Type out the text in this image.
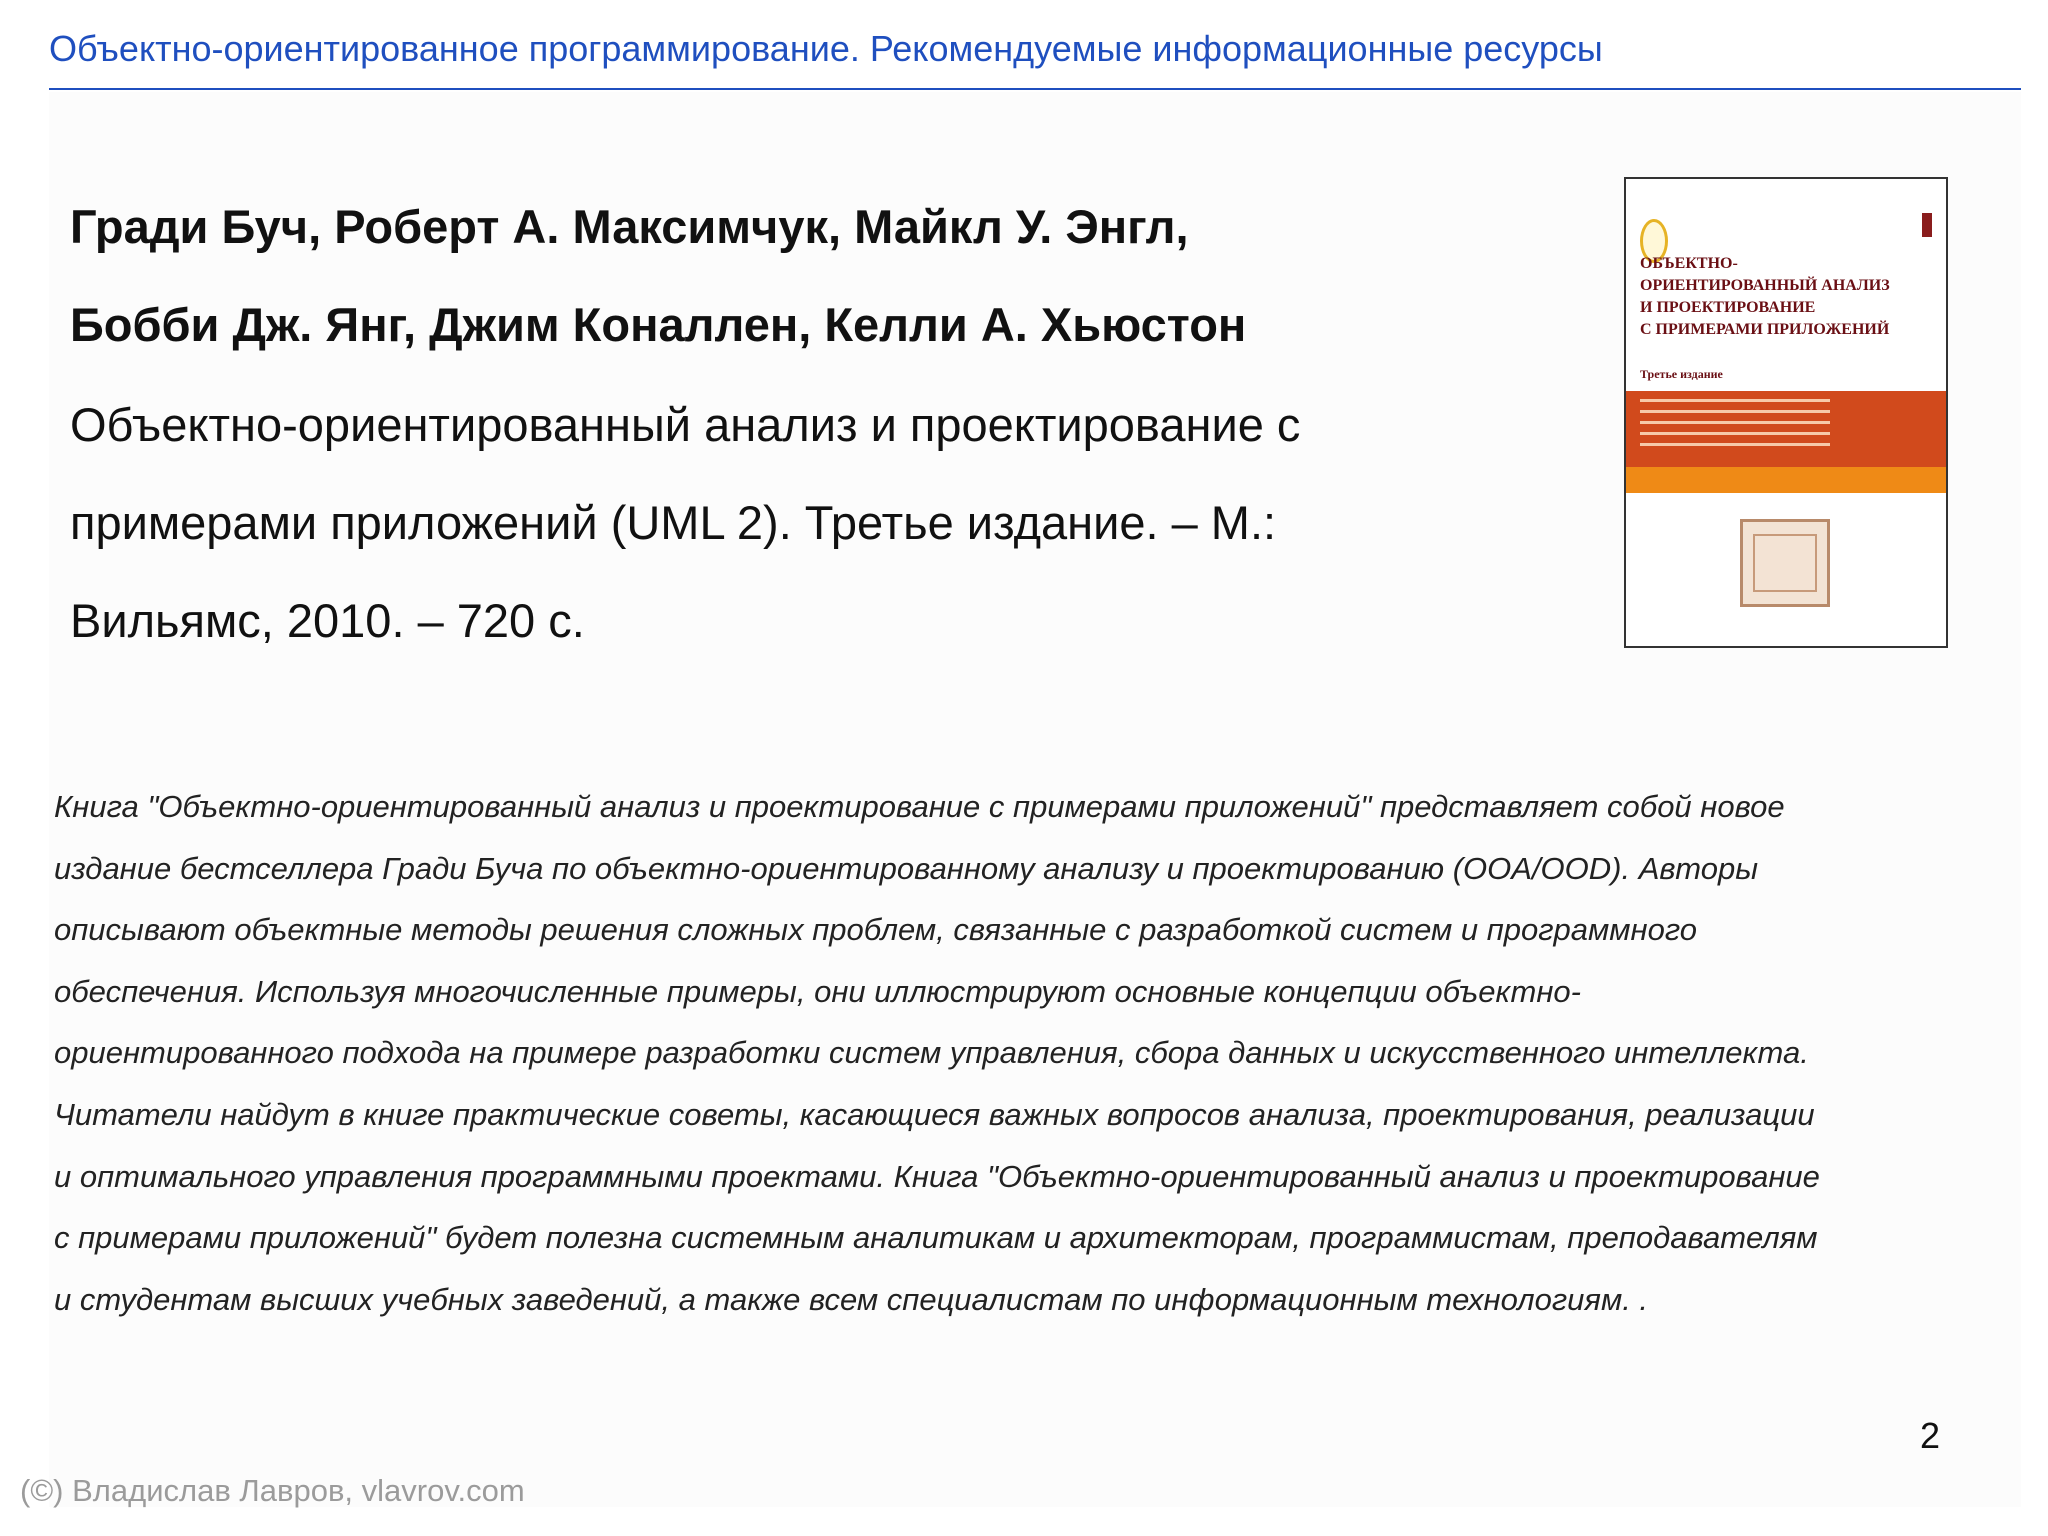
Объектно-ориентированное программирование. Рекомендуемые информационные ресурсы
Гради Буч, Роберт А. Максимчук, Майкл У. Энгл,
Бобби Дж. Янг, Джим Коналлен, Келли А. Хьюстон
Объектно-ориентированный анализ и проектирование с
примерами приложений (UML 2). Третье издание. – М.:
Вильямс, 2010. – 720 с.
ОБЪЕКТНО-
ОРИЕНТИРОВАННЫЙ АНАЛИЗ
И ПРОЕКТИРОВАНИЕ
С ПРИМЕРАМИ ПРИЛОЖЕНИЙ
Третье издание
Книга "Объектно-ориентированный анализ и проектирование с примерами приложений" представляет собой новое
издание бестселлера Гради Буча по объектно-ориентированному анализу и проектированию (OOA/OOD). Авторы
описывают объектные методы решения сложных проблем, связанные с разработкой систем и программного
обеспечения. Используя многочисленные примеры, они иллюстрируют основные концепции объектно-
ориентированного подхода на примере разработки систем управления, сбора данных и искусственного интеллекта.
Читатели найдут в книге практические советы, касающиеся важных вопросов анализа, проектирования, реализации
и оптимального управления программными проектами. Книга "Объектно-ориентированный анализ и проектирование
с примерами приложений" будет полезна системным аналитикам и архитекторам, программистам, преподавателям
и студентам высших учебных заведений, а также всем специалистам по информационным технологиям. .
2
(©) Владислав Лавров, vlavrov.com
